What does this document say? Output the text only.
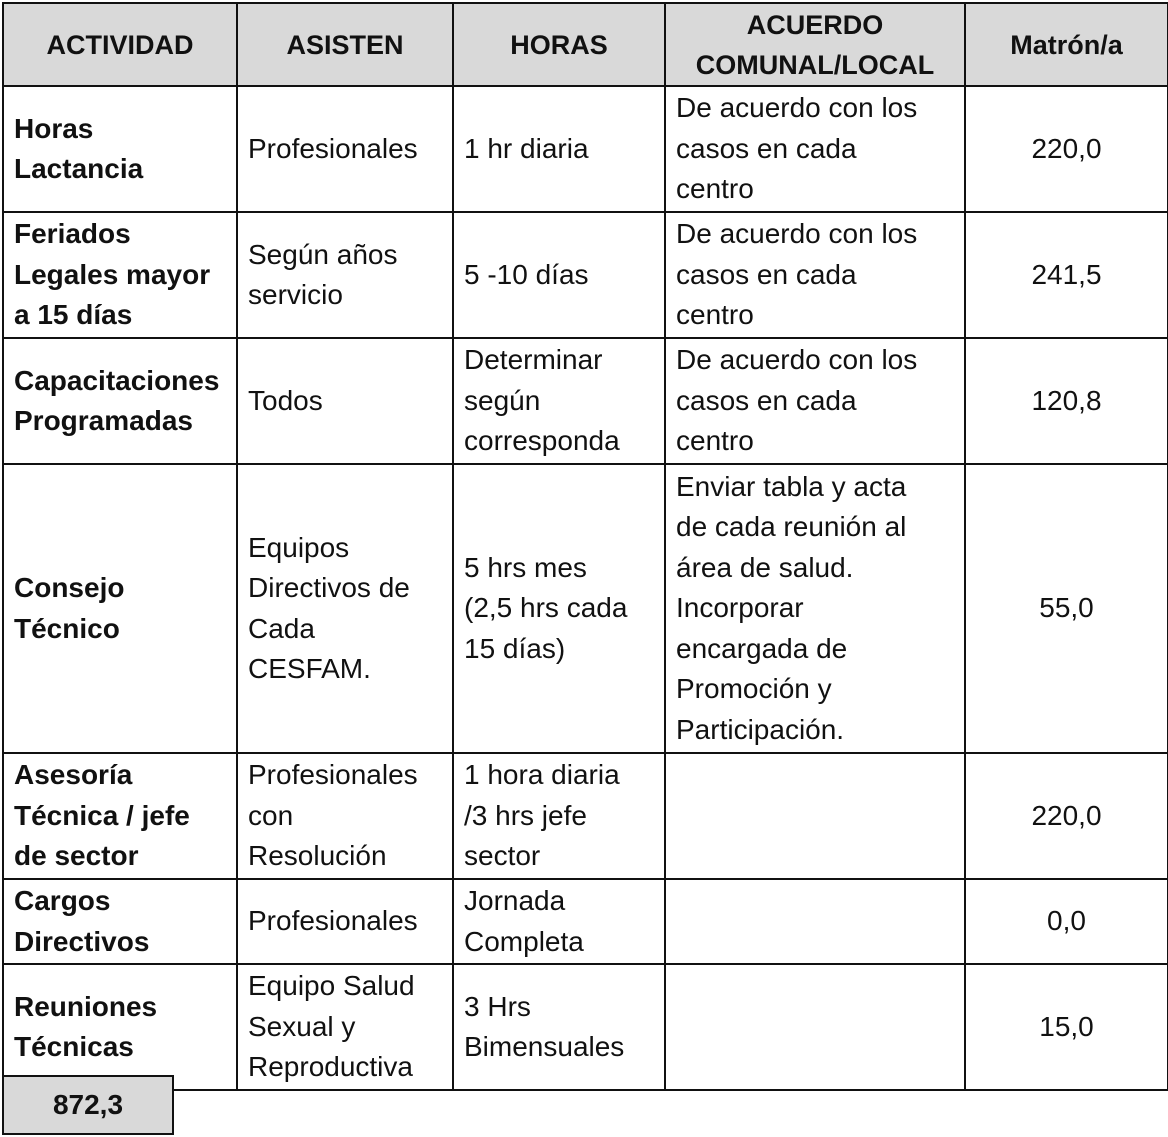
ACTIVIDAD	ASISTEN	HORAS
ACUERDO
COMUNAL/LOCAL
Matrón/a
Horas
Lactancia
Profesionales 1 hr diaria
De acuerdo con los
casos en cada
centro
220,0
Feriados
Legales mayor
a 15 días
Según años
servicio
5 -10 días
De acuerdo con los
casos en cada
centro
241,5
Capacitaciones
Programadas
Todos
Determinar
según
corresponda
De acuerdo con los
casos en cada
centro
120,8
Consejo
Técnico
Equipos
Directivos de
Cada
CESFAM.
5 hrs mes
(2,5 hrs cada
15 días)
Enviar tabla y acta
de cada reunión al
área de salud.
Incorporar
encargada de
Promoción y
Participación.
55,0
Asesoría
Técnica / jefe
de sector
Profesionales
con
Resolución
1 hora diaria
/3 hrs jefe
sector
220,0
Cargos
Directivos
Profesionales
Jornada
Completa
0,0
Reuniones
Técnicas
Equipo Salud
Sexual y
Reproductiva
3 Hrs
Bimensuales
15,0
872,3
